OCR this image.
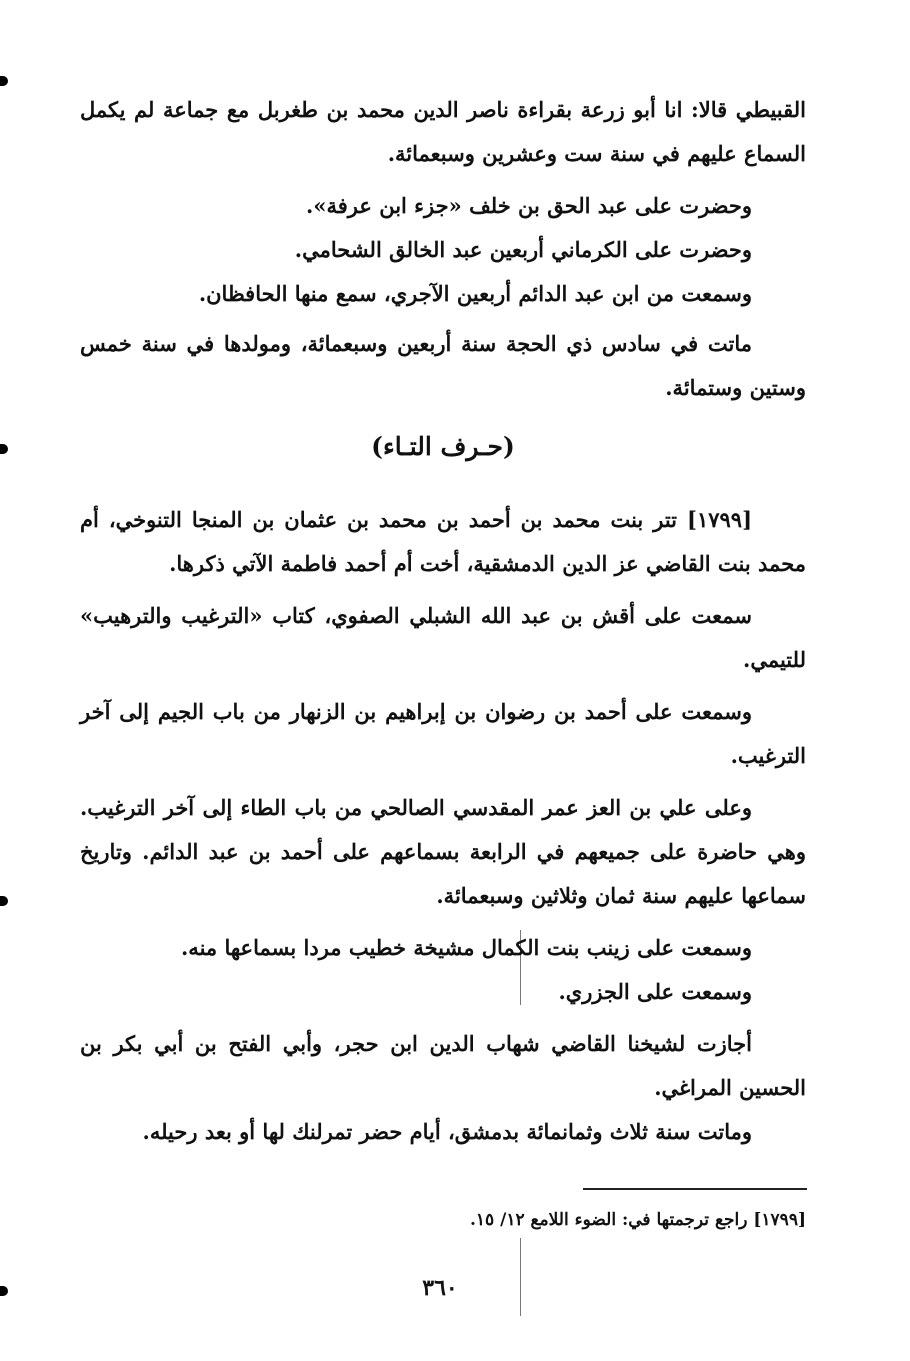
القبيطي قالا: انا أبو زرعة بقراءة ناصر الدين محمد بن طغربل مع جماعة لم يكمل السماع عليهم في سنة ست وعشرين وسبعمائة.

وحضرت على عبد الحق بن خلف «جزء ابن عرفة».

وحضرت على الكرماني أربعين عبد الخالق الشحامي.

وسمعت من ابن عبد الدائم أربعين الآجري، سمع منها الحافظان.

ماتت في سادس ذي الحجة سنة أربعين وسبعمائة، ومولدها في سنة خمس وستين وستمائة.

(حـرف التـاء)

[١٧٩٩] تتر بنت محمد بن أحمد بن محمد بن عثمان بن المنجا التنوخي، أم محمد بنت القاضي عز الدين الدمشقية، أخت أم أحمد فاطمة الآتي ذكرها.

سمعت على أقش بن عبد الله الشبلي الصفوي، كتاب «الترغيب والترهيب» للتيمي.

وسمعت على أحمد بن رضوان بن إبراهيم بن الزنهار من باب الجيم إلى آخر الترغيب.

وعلى علي بن العز عمر المقدسي الصالحي من باب الطاء إلى آخر الترغيب. وهي حاضرة على جميعهم في الرابعة بسماعهم على أحمد بن عبد الدائم. وتاريخ سماعها عليهم سنة ثمان وثلاثين وسبعمائة.

وسمعت على زينب بنت الكمال مشيخة خطيب مردا بسماعها منه.

وسمعت على الجزري.

أجازت لشيخنا القاضي شهاب الدين ابن حجر، وأبي الفتح بن أبي بكر بن الحسين المراغي.

وماتت سنة ثلاث وثمانمائة بدمشق، أيام حضر تمرلنك لها أو بعد رحيله.

[١٧٩٩] راجع ترجمتها في: الضوء اللامع ١٢/ ١٥.
٣٦٠
